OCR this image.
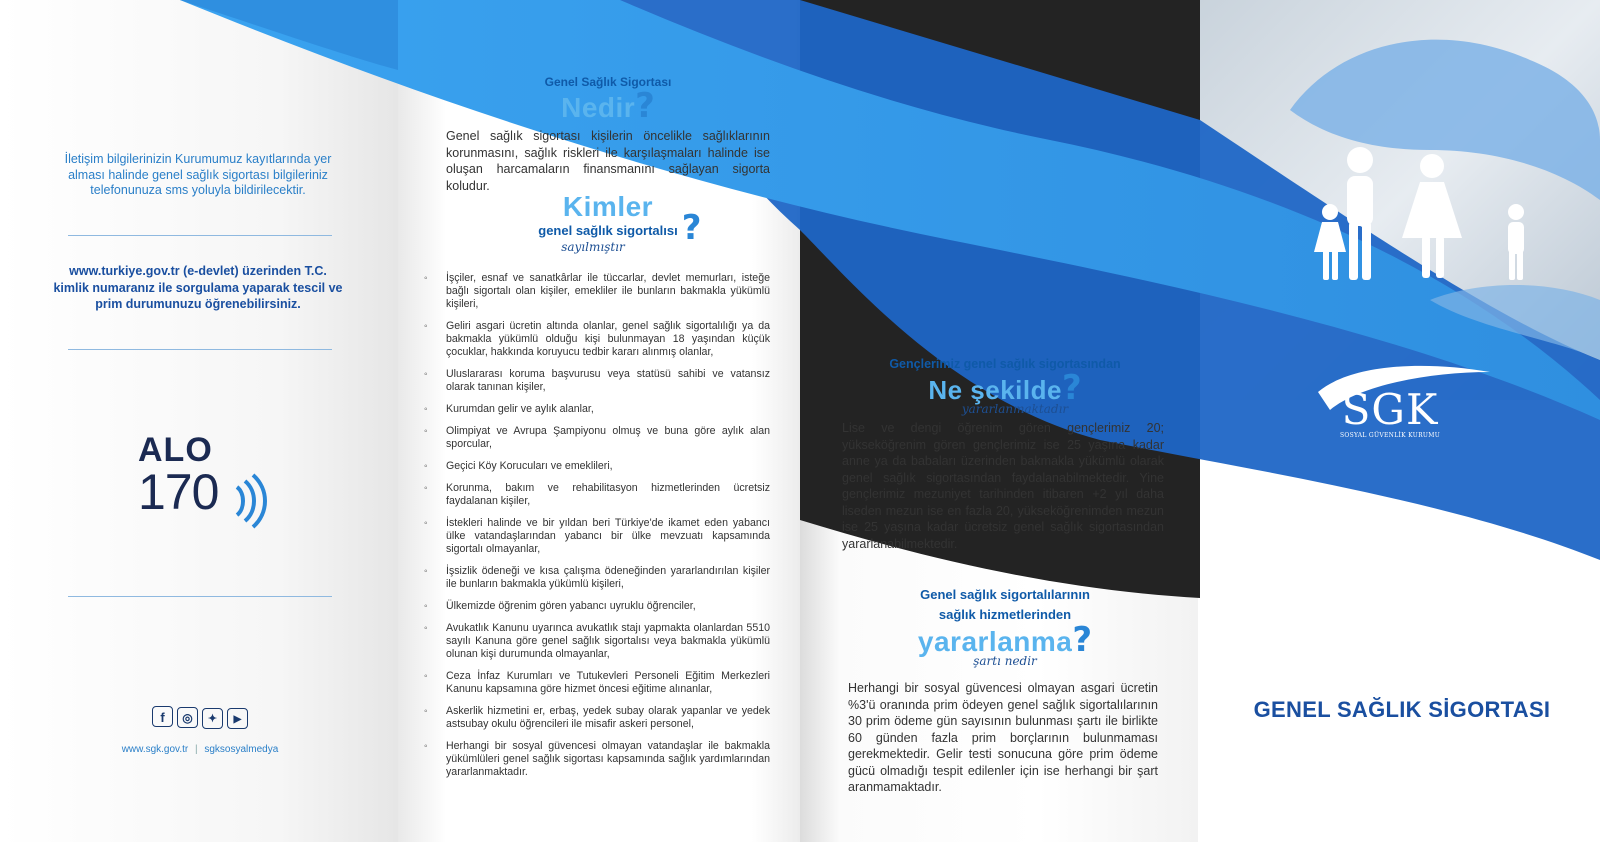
İletişim bilgilerinizin Kurumumuz kayıtlarında yer alması halinde genel sağlık sigortası bilgileriniz telefonunuza sms yoluyla bildirilecektir.
www.turkiye.gov.tr (e-devlet) üzerinden T.C. kimlik numaranız ile sorgulama yaparak tescil ve prim durumunuzu öğrenebilirsiniz.
ALO
170
f ◎ ✦ ▶
www.sgk.gov.tr | sgksosyalmedya
Genel Sağlık Sigortası
Nedir?
Genel sağlık sigortası kişilerin öncelikle sağlıklarının korunmasını, sağlık riskleri ile karşılaşmaları halinde ise oluşan harcamaların finansmanını sağlayan sigorta koludur.
Kimler
genel sağlık sigortalısı ?
sayılmıştır
◦ İşçiler, esnaf ve sanatkârlar ile tüccarlar, devlet memurları, isteğe bağlı sigortalı olan kişiler, emekliler ile bunların bakmakla yükümlü kişileri,
◦ Geliri asgari ücretin altında olanlar, genel sağlık sigortalılığı ya da bakmakla yükümlü olduğu kişi bulunmayan 18 yaşından küçük çocuklar, hakkında koruyucu tedbir kararı alınmış olanlar,
◦ Uluslararası koruma başvurusu veya statüsü sahibi ve vatansız olarak tanınan kişiler,
◦ Kurumdan gelir ve aylık alanlar,
◦ Olimpiyat ve Avrupa Şampiyonu olmuş ve buna göre aylık alan sporcular,
◦ Geçici Köy Korucuları ve emeklileri,
◦ Korunma, bakım ve rehabilitasyon hizmetlerinden ücretsiz faydalanan kişiler,
◦ İstekleri halinde ve bir yıldan beri Türkiye'de ikamet eden yabancı ülke vatandaşlarından yabancı bir ülke mevzuatı kapsamında sigortalı olmayanlar,
◦ İşsizlik ödeneği ve kısa çalışma ödeneğinden yararlandırılan kişiler ile bunların bakmakla yükümlü kişileri,
◦ Ülkemizde öğrenim gören yabancı uyruklu öğrenciler,
◦ Avukatlık Kanunu uyarınca avukatlık stajı yapmakta olanlardan 5510 sayılı Kanuna göre genel sağlık sigortalısı veya bakmakla yükümlü olunan kişi durumunda olmayanlar,
◦ Ceza İnfaz Kurumları ve Tutukevleri Personeli Eğitim Merkezleri Kanunu kapsamına göre hizmet öncesi eğitime alınanlar,
◦ Askerlik hizmetini er, erbaş, yedek subay olarak yapanlar ve yedek astsubay okulu öğrencileri ile misafir askeri personel,
◦ Herhangi bir sosyal güvencesi olmayan vatandaşlar ile bakmakla yükümlüleri genel sağlık sigortası kapsamında sağlık yardımlarından yararlanmaktadır.
Gençlerimiz genel sağlık sigortasından
Ne şekilde?
yararlanmaktadır
Lise ve dengi öğrenim gören gençlerimiz 20; yükseköğrenim gören gençlerimiz ise 25 yaşına kadar anne ya da babaları üzerinden bakmakla yükümlü olarak genel sağlık sigortasından faydalanabilmektedir. Yine gençlerimiz mezuniyet tarihinden itibaren +2 yıl daha liseden mezun ise en fazla 20, yükseköğrenimden mezun ise 25 yaşına kadar ücretsiz genel sağlık sigortasından yararlanabilmektedir.
Genel sağlık sigortalılarının
sağlık hizmetlerinden
yararlanma?
şartı nedir
Herhangi bir sosyal güvencesi olmayan asgari ücretin %3'ü oranında prim ödeyen genel sağlık sigortalılarının 30 prim ödeme gün sayısının bulunması şartı ile birlikte 60 günden fazla prim borçlarının bulunmaması gerekmektedir. Gelir testi sonucuna göre prim ödeme gücü olmadığı tespit edilenler için ise herhangi bir şart aranmamaktadır.
SGK
SOSYAL GÜVENLİK KURUMU
GENEL SAĞLIK SİGORTASI
